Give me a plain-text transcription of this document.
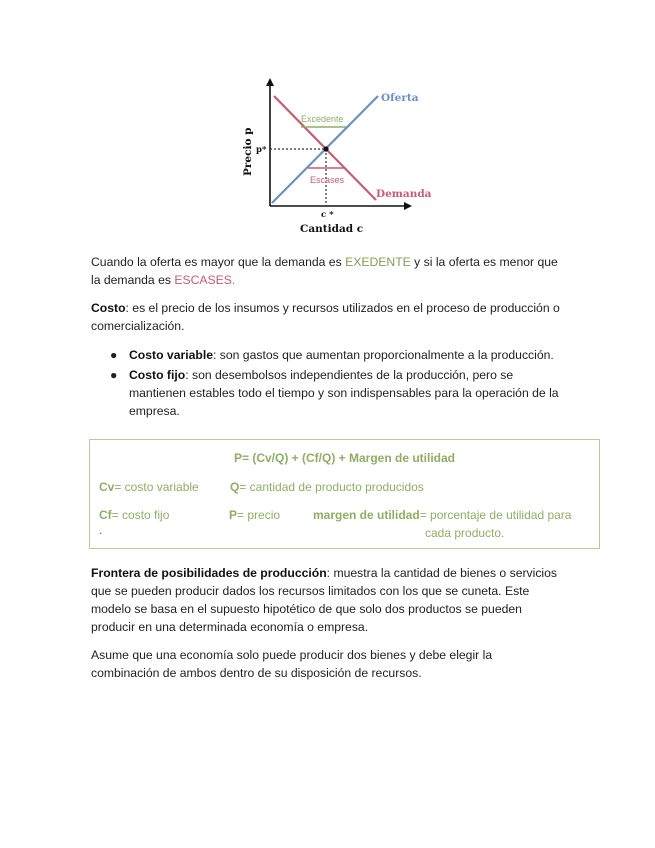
Oferta
Demanda
Excedente
Escases
p*
c *
Cantidad c
Precio p

Cuando la oferta es mayor que la demanda es EXEDENTE y si la oferta es menor que la demanda es ESCASES.

Costo: es el precio de los insumos y recursos utilizados en el proceso de producción o comercialización.

● Costo variable: son gastos que aumentan proporcionalmente a la producción.
● Costo fijo: son desembolsos independientes de la producción, pero se mantienen estables todo el tiempo y son indispensables para la operación de la empresa.
P= (Cv/Q) + (Cf/Q) + Margen de utilidad
Cv= costo variable	Q= cantidad de producto producidos
Cf= costo fijo	P= precio	margen de utilidad= porcentaje de utilidad para
cada producto.
.

Frontera de posibilidades de producción: muestra la cantidad de bienes o servicios que se pueden producir dados los recursos limitados con los que se cuneta. Este modelo se basa en el supuesto hipotético de que solo dos productos se pueden producir en una determinada economía o empresa.

Asume que una economía solo puede producir dos bienes y debe elegir la combinación de ambos dentro de su disposición de recursos.
